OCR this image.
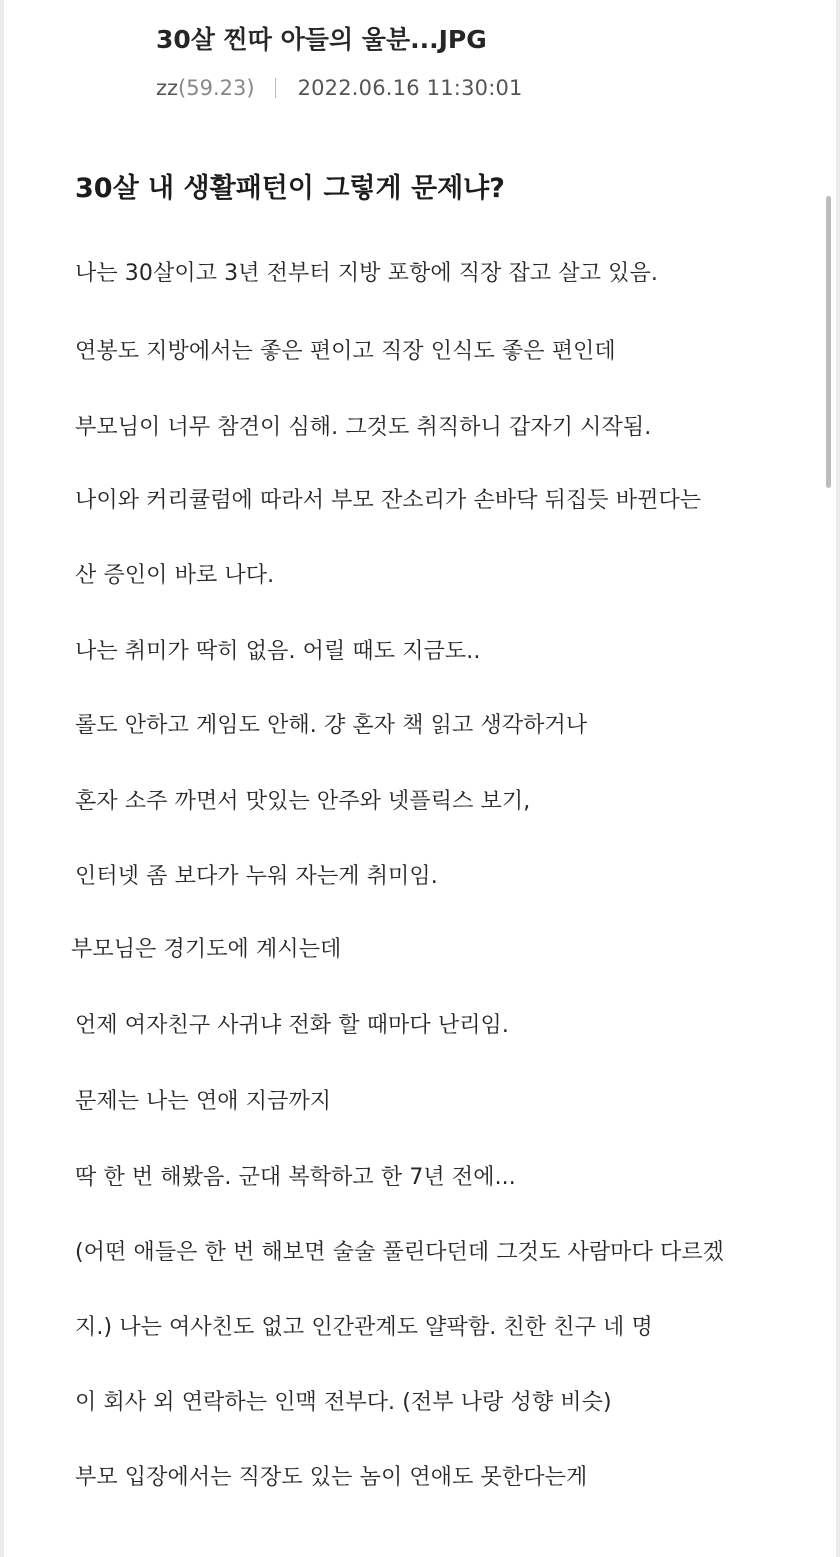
30살 찐따 아들의 울분...JPG
zz (59.23) 2022.06.16 11:30:01
30살 내 생활패턴이 그렇게 문제냐?

나는 30살이고 3년 전부터 지방 포항에 직장 잡고 살고 있음.

연봉도 지방에서는 좋은 편이고 직장 인식도 좋은 편인데

부모님이 너무 참견이 심해. 그것도 취직하니 갑자기 시작됨.

나이와 커리큘럼에 따라서 부모 잔소리가 손바닥 뒤집듯 바뀐다는

산 증인이 바로 나다.

나는 취미가 딱히 없음. 어릴 때도 지금도..

롤도 안하고 게임도 안해. 걍 혼자 책 읽고 생각하거나

혼자 소주 까면서 맛있는 안주와 넷플릭스 보기,

인터넷 좀 보다가 누워 자는게 취미임.

부모님은 경기도에 계시는데

언제 여자친구 사귀냐 전화 할 때마다 난리임.

문제는 나는 연애 지금까지

딱 한 번 해봤음. 군대 복학하고 한 7년 전에...

(어떤 애들은 한 번 해보면 술술 풀린다던데 그것도 사람마다 다르겠

지.) 나는 여사친도 없고 인간관계도 얄팍함. 친한 친구 네 명

이 회사 외 연락하는 인맥 전부다. (전부 나랑 성향 비슷)

부모 입장에서는 직장도 있는 놈이 연애도 못한다는게
